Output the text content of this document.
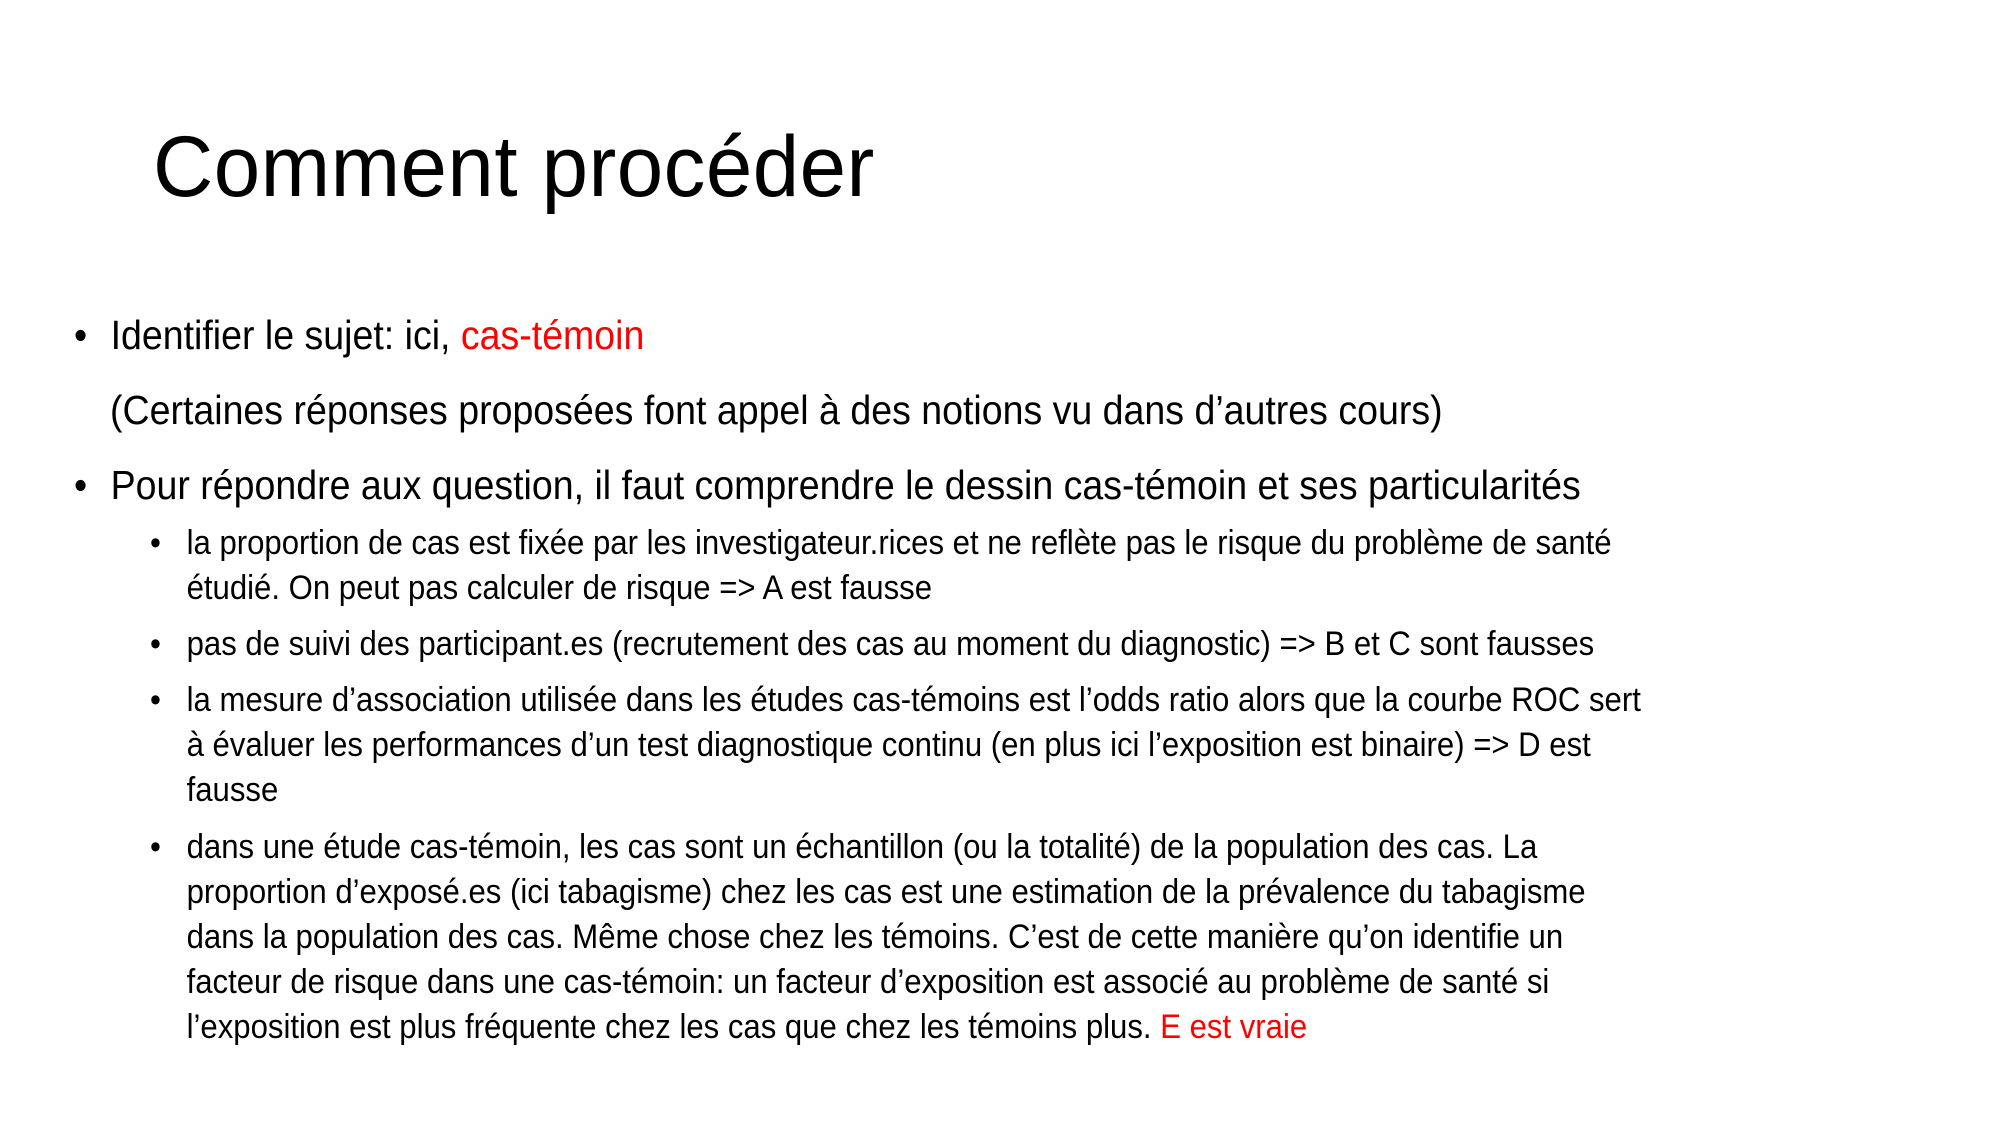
Comment procéder
• Identifier le sujet: ici, cas-témoin
(Certaines réponses proposées font appel à des notions vu dans d’autres cours)
• Pour répondre aux question, il faut comprendre le dessin cas-témoin et ses particularités
• la proportion de cas est fixée par les investigateur.rices et ne reflète pas le risque du problème de santé
étudié. On peut pas calculer de risque => A est fausse
• pas de suivi des participant.es (recrutement des cas au moment du diagnostic) => B et C sont fausses
• la mesure d’association utilisée dans les études cas-témoins est l’odds ratio alors que la courbe ROC sert
à évaluer les performances d’un test diagnostique continu (en plus ici l’exposition est binaire) => D est
fausse
• dans une étude cas-témoin, les cas sont un échantillon (ou la totalité) de la population des cas. La
proportion d’exposé.es (ici tabagisme) chez les cas est une estimation de la prévalence du tabagisme
dans la population des cas. Même chose chez les témoins. C’est de cette manière qu’on identifie un
facteur de risque dans une cas-témoin: un facteur d’exposition est associé au problème de santé si
l’exposition est plus fréquente chez les cas que chez les témoins plus. E est vraie
